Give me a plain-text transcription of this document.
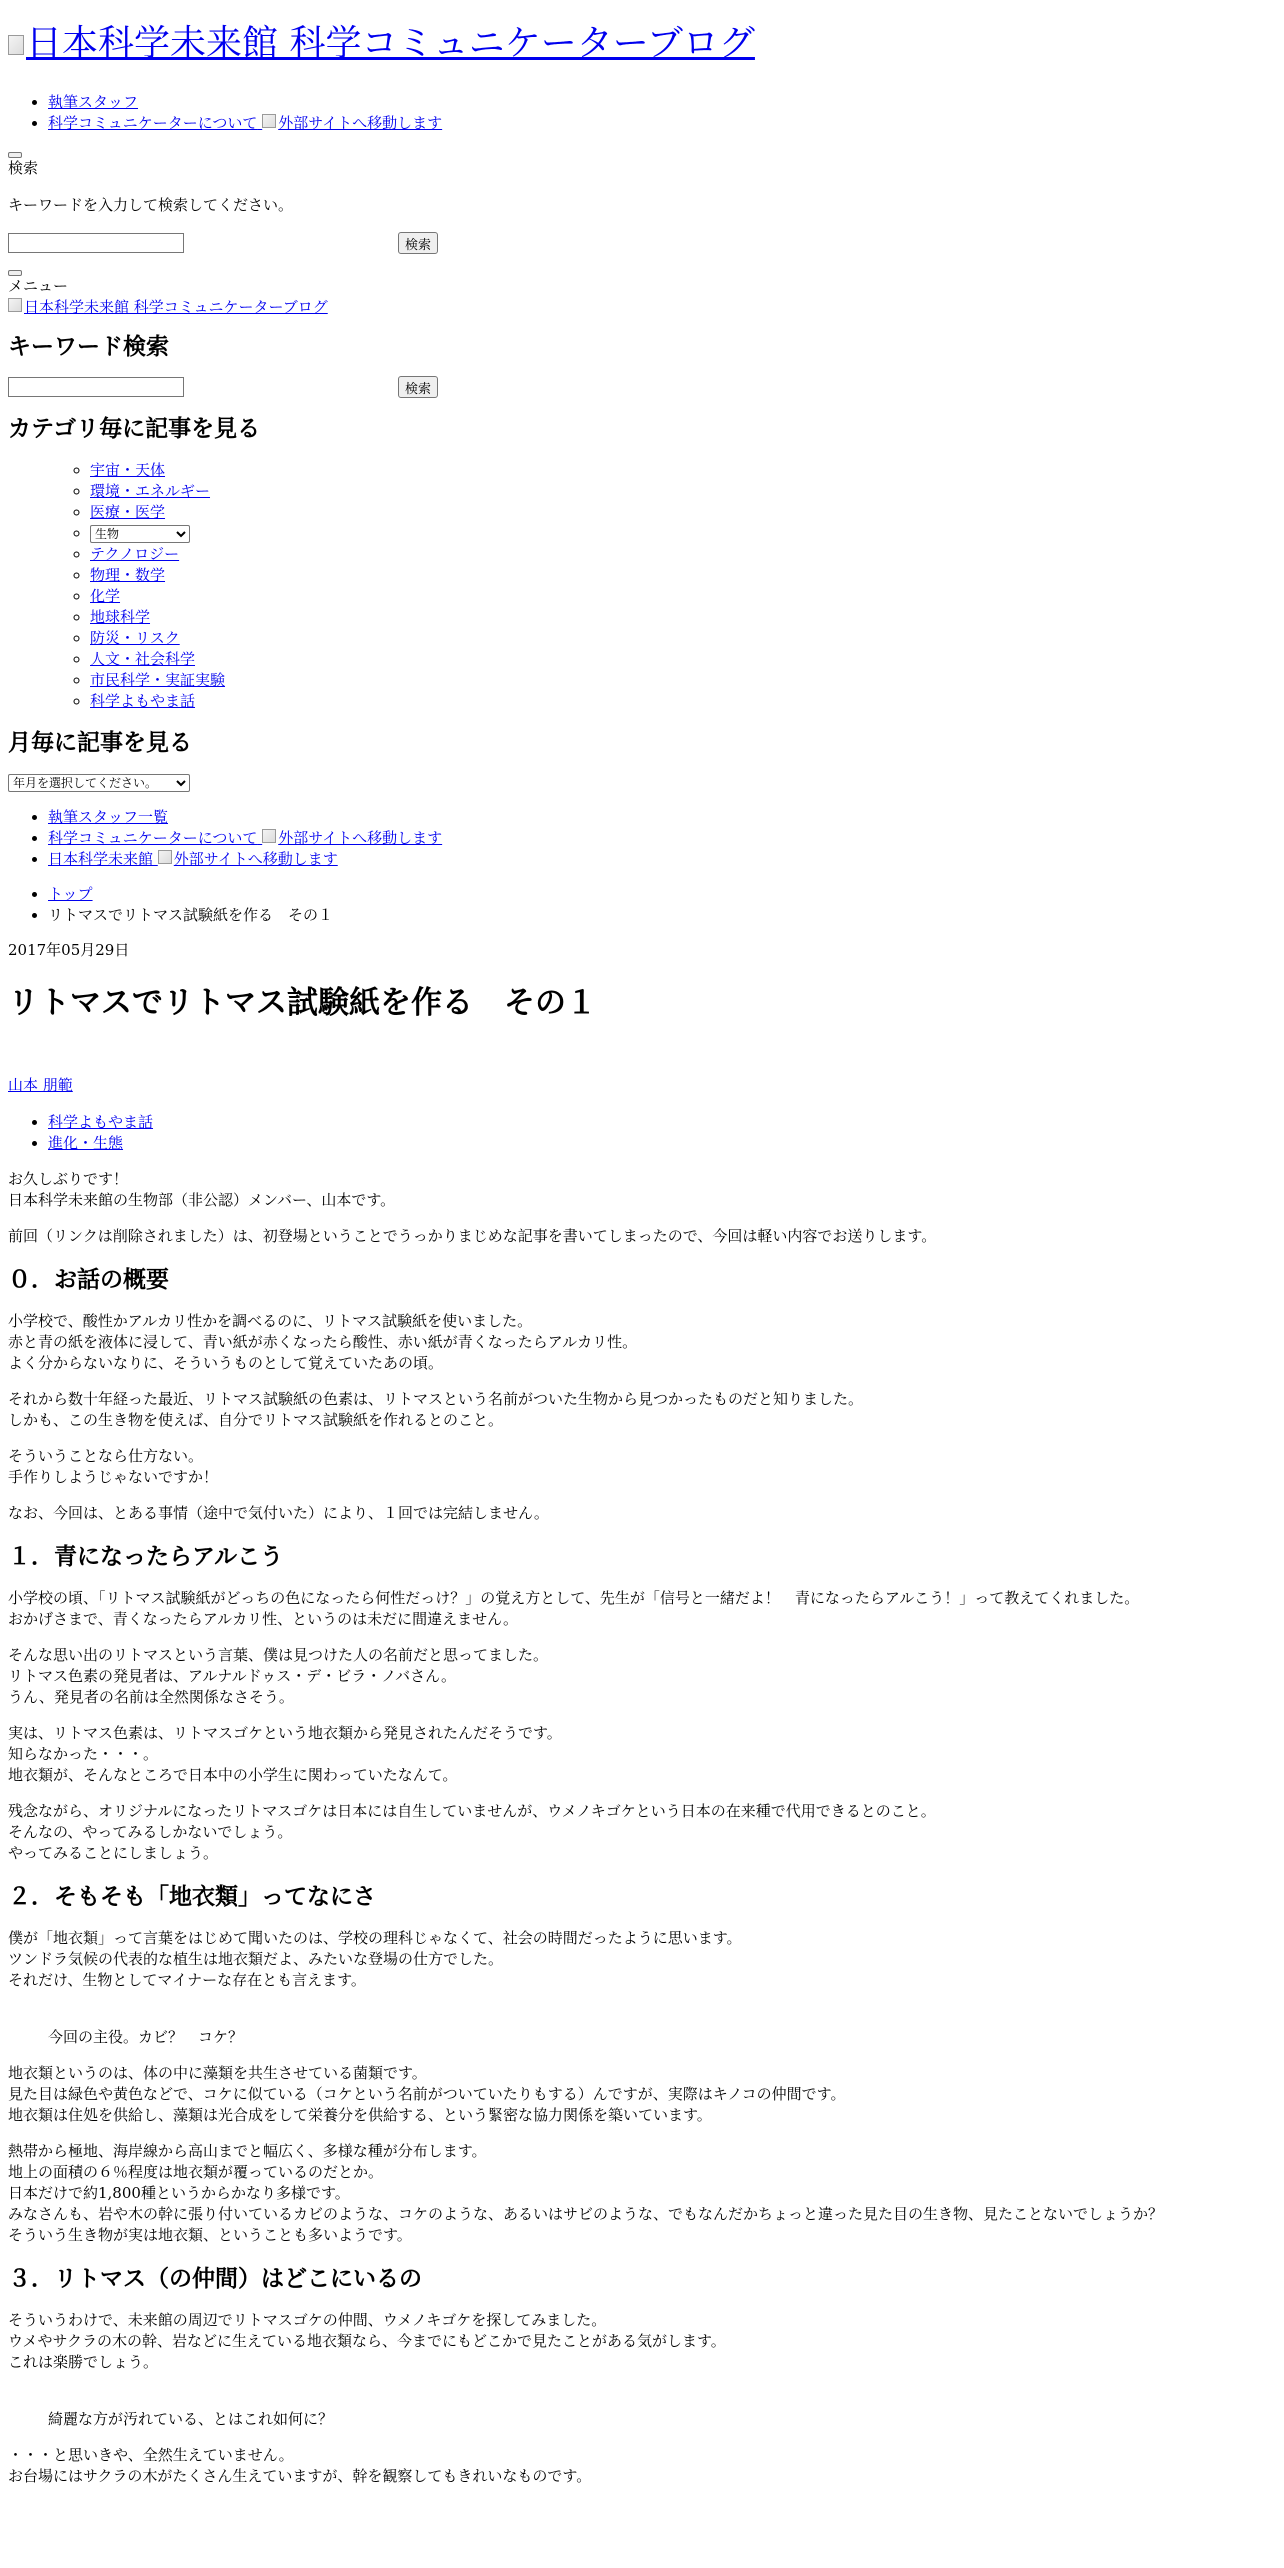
日本科学未来館 科学コミュニケーターブログ
• 執筆スタッフ
• 科学コミュニケーターについて 外部サイトへ移動します
検索

キーワードを入力して検索してください。

検索
メニュー
日本科学未来館 科学コミュニケーターブログ
キーワード検索
検索
カテゴリ毎に記事を見る
◦ 宇宙・天体
◦ 環境・エネルギー
◦ 医療・医学
◦
生物
◦ テクノロジー
◦ 物理・数学
◦ 化学
◦ 地球科学
◦ 防災・リスク
◦ 人文・社会科学
◦ 市民科学・実証実験
◦ 科学よもやま話
月毎に記事を見る
年月を選択してください。
• 執筆スタッフ一覧
• 科学コミュニケーターについて 外部サイトへ移動します
• 日本科学未来館 外部サイトへ移動します
• トップ
• リトマスでリトマス試験紙を作る　その１
2017年05月29日
リトマスでリトマス試験紙を作る　その１
山本 朋範
• 科学よもやま話
• 進化・生態

お久しぶりです！
日本科学未来館の生物部（非公認）メンバー、山本です。

前回（リンクは削除されました）は、初登場ということでうっかりまじめな記事を書いてしまったので、今回は軽い内容でお送りします。

０．お話の概要

小学校で、酸性かアルカリ性かを調べるのに、リトマス試験紙を使いました。
赤と青の紙を液体に浸して、青い紙が赤くなったら酸性、赤い紙が青くなったらアルカリ性。
よく分からないなりに、そういうものとして覚えていたあの頃。

それから数十年経った最近、リトマス試験紙の色素は、リトマスという名前がついた生物から見つかったものだと知りました。
しかも、この生き物を使えば、自分でリトマス試験紙を作れるとのこと。

そういうことなら仕方ない。
手作りしようじゃないですか！

なお、今回は、とある事情（途中で気付いた）により、１回では完結しません。

１．青になったらアルこう

小学校の頃、「リトマス試験紙がどっちの色になったら何性だっけ？」の覚え方として、先生が「信号と一緒だよ！　青になったらアルこう！」って教えてくれました。
おかげさまで、青くなったらアルカリ性、というのは未だに間違えません。

そんな思い出のリトマスという言葉、僕は見つけた人の名前だと思ってました。
リトマス色素の発見者は、アルナルドゥス・デ・ビラ・ノバさん。
うん、発見者の名前は全然関係なさそう。

実は、リトマス色素は、リトマスゴケという地衣類から発見されたんだそうです。
知らなかった・・・。
地衣類が、そんなところで日本中の小学生に関わっていたなんて。

残念ながら、オリジナルになったリトマスゴケは日本には自生していませんが、ウメノキゴケという日本の在来種で代用できるとのこと。
そんなの、やってみるしかないでしょう。
やってみることにしましょう。

２．そもそも「地衣類」ってなにさ

僕が「地衣類」って言葉をはじめて聞いたのは、学校の理科じゃなくて、社会の時間だったように思います。
ツンドラ気候の代表的な植生は地衣類だよ、みたいな登場の仕方でした。
それだけ、生物としてマイナーな存在とも言えます。

今回の主役。カビ？　コケ？

地衣類というのは、体の中に藻類を共生させている菌類です。
見た目は緑色や黄色などで、コケに似ている（コケという名前がついていたりもする）んですが、実際はキノコの仲間です。
地衣類は住処を供給し、藻類は光合成をして栄養分を供給する、という緊密な協力関係を築いています。

熱帯から極地、海岸線から高山までと幅広く、多様な種が分布します。
地上の面積の６％程度は地衣類が覆っているのだとか。
日本だけで約1,800種というからかなり多様です。
みなさんも、岩や木の幹に張り付いているカビのような、コケのような、あるいはサビのような、でもなんだかちょっと違った見た目の生き物、見たことないでしょうか？
そういう生き物が実は地衣類、ということも多いようです。

３．リトマス（の仲間）はどこにいるの

そういうわけで、未来館の周辺でリトマスゴケの仲間、ウメノキゴケを探してみました。
ウメやサクラの木の幹、岩などに生えている地衣類なら、今までにもどこかで見たことがある気がします。
これは楽勝でしょう。

綺麗な方が汚れている、とはこれ如何に？

・・・と思いきや、全然生えていません。
お台場にはサクラの木がたくさん生えていますが、幹を観察してもきれいなものです。
